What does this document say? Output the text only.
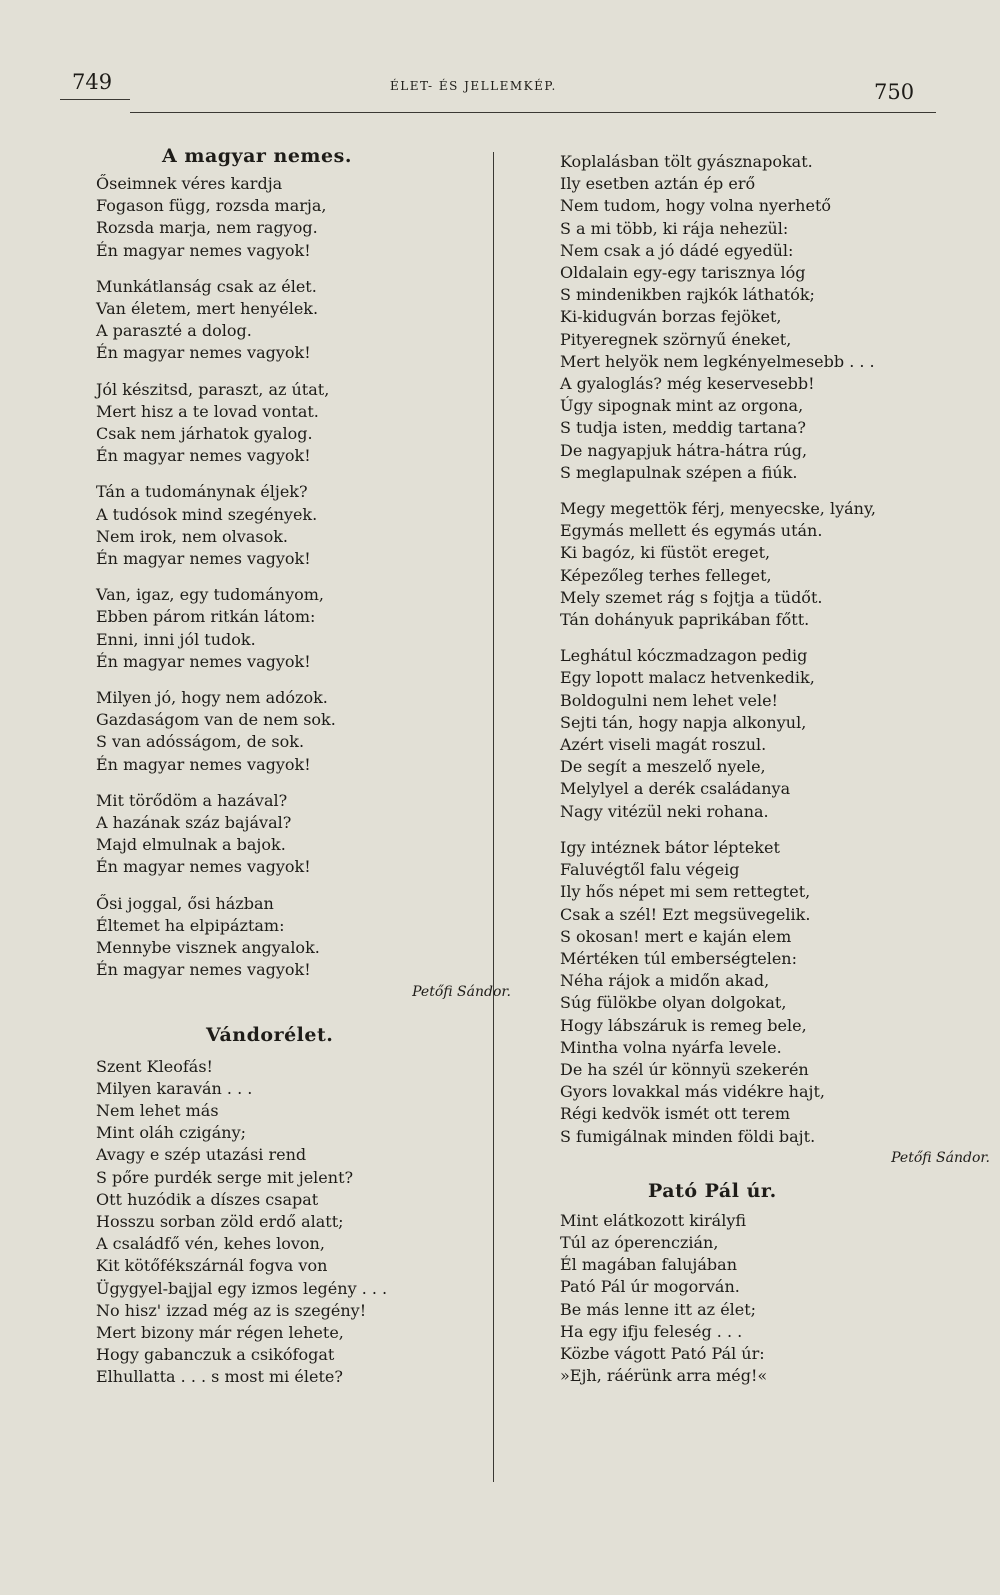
749	ÉLET- ÉS JELLEMKÉP.	750
A magyar nemes.
Őseimnek véres kardja
Fogason függ, rozsda marja,
Rozsda marja, nem ragyog.
Én magyar nemes vagyok!
Munkátlanság csak az élet.
Van életem, mert henyélek.
A paraszté a dolog.
Én magyar nemes vagyok!
Jól készitsd, paraszt, az útat,
Mert hisz a te lovad vontat.
Csak nem járhatok gyalog.
Én magyar nemes vagyok!
Tán a tudománynak éljek?
A tudósok mind szegények.
Nem irok, nem olvasok.
Én magyar nemes vagyok!
Van, igaz, egy tudományom,
Ebben párom ritkán látom:
Enni, inni jól tudok.
Én magyar nemes vagyok!
Milyen jó, hogy nem adózok.
Gazdaságom van de nem sok.
S van adósságom, de sok.
Én magyar nemes vagyok!
Mit törődöm a hazával?
A hazának száz bajával?
Majd elmulnak a bajok.
Én magyar nemes vagyok!
Ősi joggal, ősi házban
Éltemet ha elpipáztam:
Mennybe visznek angyalok.
Én magyar nemes vagyok!
Petőfi Sándor.
Vándorélet.
Szent Kleofás!
Milyen karaván . . .
Nem lehet más
Mint oláh czigány;
Avagy e szép utazási rend
S pőre purdék serge mit jelent?
Ott huzódik a díszes csapat
Hosszu sorban zöld erdő alatt;
A családfő vén, kehes lovon,
Kit kötőfékszárnál fogva von
Ügygyel-bajjal egy izmos legény . . .
No hisz' izzad még az is szegény!
Mert bizony már régen lehete,
Hogy gabanczuk a csikófogat
Elhullatta . . . s most mi élete?
Koplalásban tölt gyásznapokat.
Ily esetben aztán ép erő
Nem tudom, hogy volna nyerhető
S a mi több, ki rája nehezül:
Nem csak a jó dádé egyedül:
Oldalain egy-egy tarisznya lóg
S mindenikben rajkók láthatók;
Ki-kidugván borzas fejöket,
Pityeregnek szörnyű éneket,
Mert helyök nem legkényelmesebb . . .
A gyaloglás? még keservesebb!
Úgy sipognak mint az orgona,
S tudja isten, meddig tartana?
De nagyapjuk hátra-hátra rúg,
S meglapulnak szépen a fiúk.
Megy megettök férj, menyecske, lyány,
Egymás mellett és egymás után.
Ki bagóz, ki füstöt ereget,
Képezőleg terhes felleget,
Mely szemet rág s fojtja a tüdőt.
Tán dohányuk paprikában főtt.
Leghátul kóczmadzagon pedig
Egy lopott malacz hetvenkedik,
Boldogulni nem lehet vele!
Sejti tán, hogy napja alkonyul,
Azért viseli magát roszul.
De segít a meszelő nyele,
Melylyel a derék családanya
Nagy vitézül neki rohana.
Igy intéznek bátor lépteket
Faluvégtől falu végeig
Ily hős népet mi sem rettegtet,
Csak a szél! Ezt megsüvegelik.
S okosan! mert e kaján elem
Mértéken túl emberségtelen:
Néha rájok a midőn akad,
Súg fülökbe olyan dolgokat,
Hogy lábszáruk is remeg bele,
Mintha volna nyárfa levele.
De ha szél úr könnyü szekerén
Gyors lovakkal más vidékre hajt,
Régi kedvök ismét ott terem
S fumigálnak minden földi bajt.
Petőfi Sándor.
Pató Pál úr.
Mint elátkozott királyfi
Túl az óperenczián,
Él magában falujában
Pató Pál úr mogorván.
Be más lenne itt az élet;
Ha egy ifju feleség . . .
Közbe vágott Pató Pál úr:
»Ejh, ráérünk arra még!«
